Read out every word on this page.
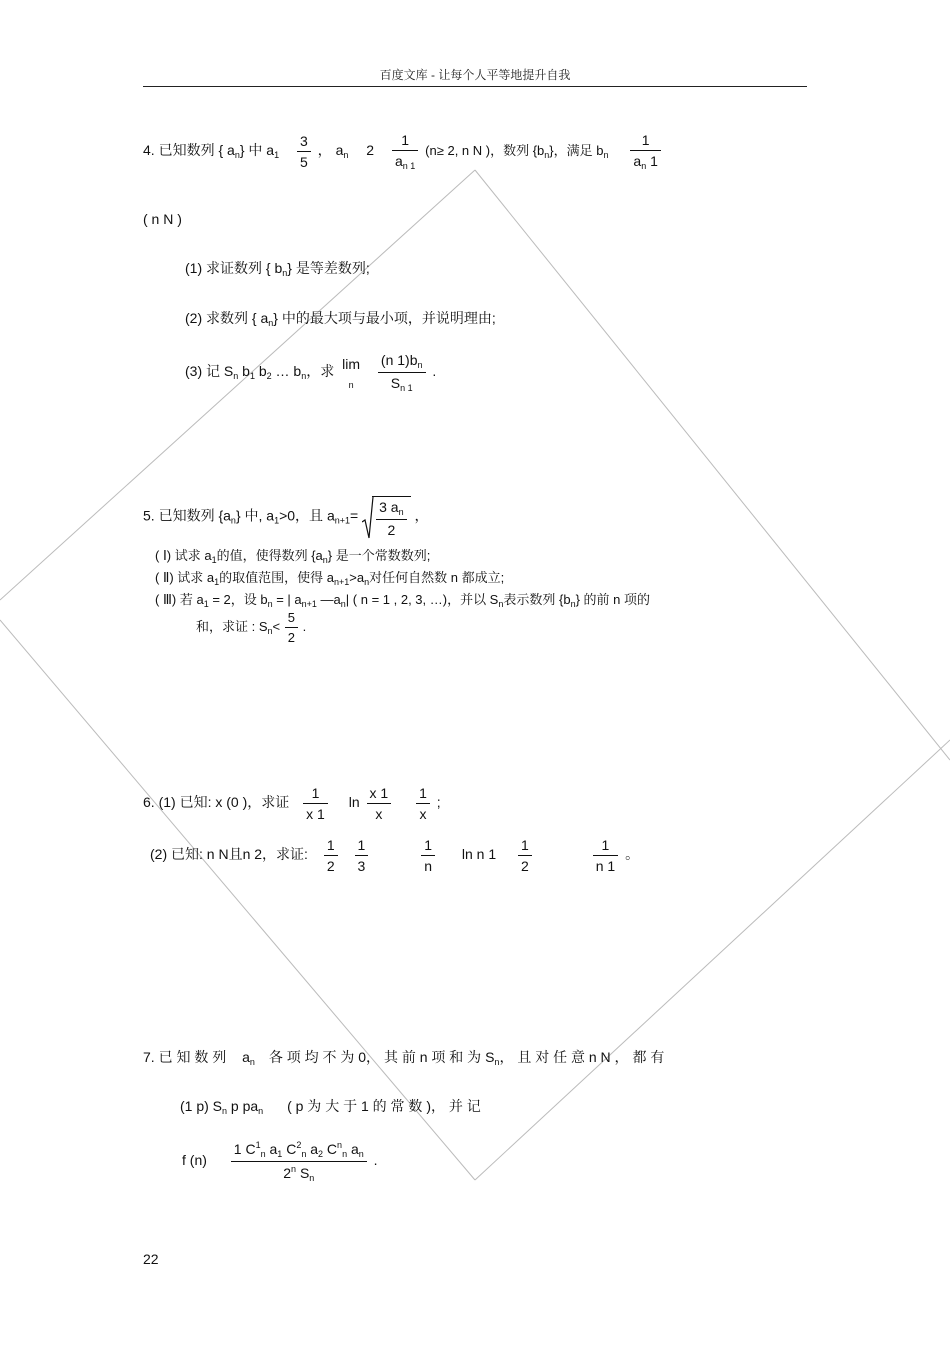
百度文库 - 让每个人平等地提升自我
4. 已知数列 { $a_n$} 中 $a_1 \frac{3}{5}$ ， $a_n$ $2 \frac{1}{a_{n 1}} (n\ge 2$, n N )，数列 $\{b_n\}$，满足 $b_n \frac{1}{a_n 1}$
( n N )
(1) 求证数列 { $b_n$} 是等差数列;
(2) 求数列 { $a_n$} 中的最大项与最小项，并说明理由;
(3) 记 $S_n$ $b_1$ $b_2$ … $b_n$，求 lim
$_n \frac{(n 1)b_n}{S_{n 1}}$ .
5. 已知数列 $\{a_n\}$ 中, $a_1>0$，且 $a_{n+1}= \frac{3 a_n}{2}$ ，
( Ⅰ) 试求 $a_1$的值，使得数列 $\{a_n\}$ 是一个常数数列;
( Ⅱ) 试求 $a_1$的取值范围，使得 $a_{n+1}>a_n$对任何自然数 n 都成立;
( Ⅲ) 若 $a_1 = 2$，设 $b_n$ = | $a_{n+1}$ $—a_n|$ ( n = 1 , 2, 3, …)，并以 $S_n$表示数列 $\{b_n\}$ 的前 n 项的
和，求证 : $S_n< \frac{5}{2}$ .
6. (1) 已知: x (0 )，求证 $\frac{1}{x 1}$ $\ln \frac{x 1}{x}$
$\frac{1}{x}$ ;
(2) 已知: n N且n 2，求证: $\frac{1}{2}$
$\frac{1}{3}$
	$\frac{1}{n}$ ln n $1 \frac{1}{2}$
	$\frac{1}{n 1}$ 。
7. 已 知 数 列 $a_n$ 各 项 均 不 为 0， 其 前 n 项 和 为 $S_n$， 且 对 任 意 n N ， 都 有
(1 p) $S_n$ p $pa_n$ ( p 为 大 于 1 的 常 数 )， 并 记
f $(n) \frac{1 C^1_n a_1 C^2_n a_2 C^n_n a_n}{2^n S_n}$ .
22
